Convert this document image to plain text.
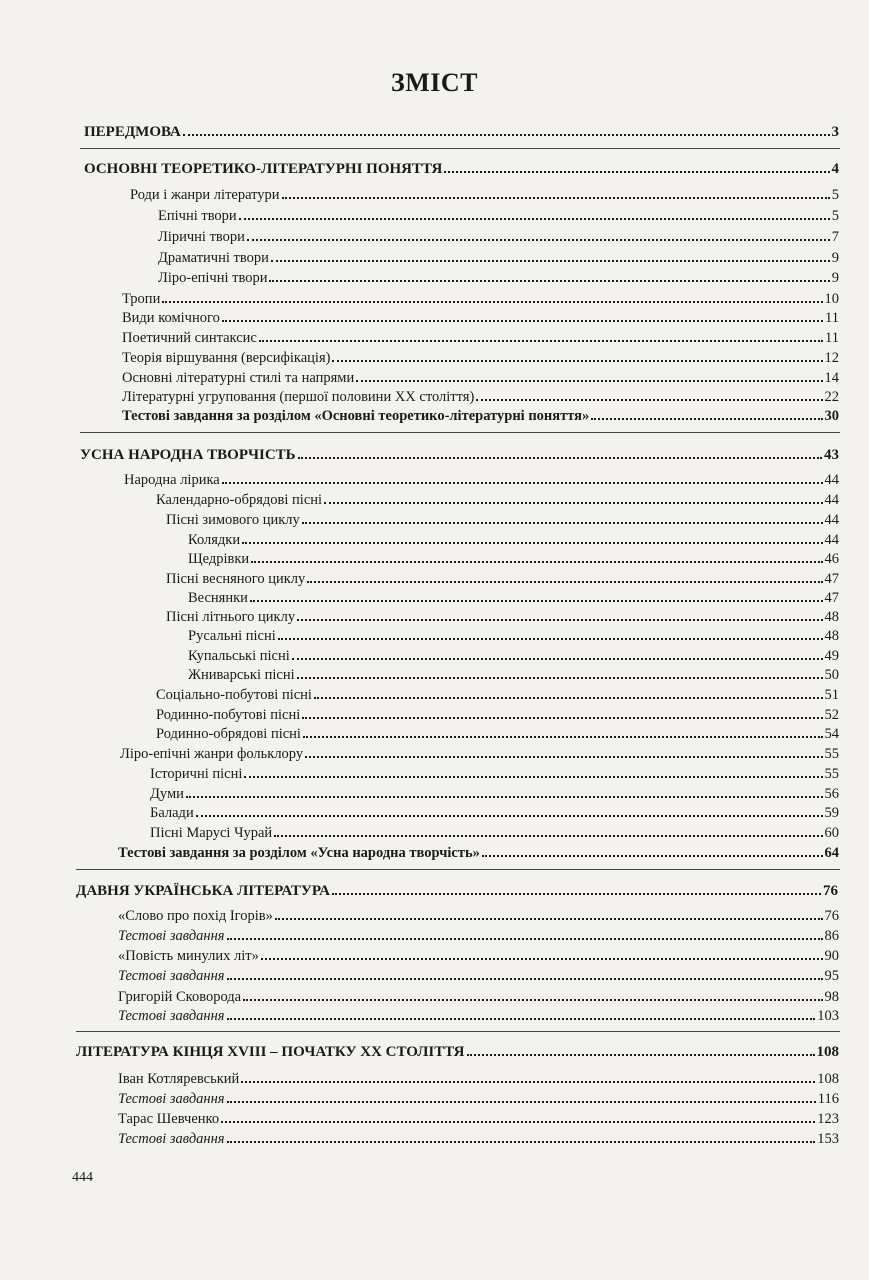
ЗМІСТ
ПЕРЕДМОВА	3
ОСНОВНІ ТЕОРЕТИКО-ЛІТЕРАТУРНІ ПОНЯТТЯ	4
Роди і жанри літератури	5
Епічні твори	5
Ліричні твори	7
Драматичні твори	9
Ліро-епічні твори	9
Тропи	10
Види комічного	11
Поетичний синтаксис	11
Теорія віршування (версифікація)	12
Основні літературні стилі та напрями	14
Літературні угруповання (першої половини XX століття)	22
Тестові завдання за розділом «Основні теоретико-літературні поняття»	30
УСНА НАРОДНА ТВОРЧІСТЬ	43
Народна лірика	44
Календарно-обрядові пісні	44
Пісні зимового циклу	44
Колядки	44
Щедрівки	46
Пісні весняного циклу	47
Веснянки	47
Пісні літнього циклу	48
Русальні пісні	48
Купальські пісні	49
Жниварські пісні	50
Соціально-побутові пісні	51
Родинно-побутові пісні	52
Родинно-обрядові пісні	54
Ліро-епічні жанри фольклору	55
Історичні пісні	55
Думи	56
Балади	59
Пісні Марусі Чурай	60
Тестові завдання за розділом «Усна народна творчість»	64
ДАВНЯ УКРАЇНСЬКА ЛІТЕРАТУРА	76
«Слово про похід Ігорів»	76
Тестові завдання	86
«Повість минулих літ»	90
Тестові завдання	95
Григорій Сковорода	98
Тестові завдання	103
ЛІТЕРАТУРА КІНЦЯ XVIII – ПОЧАТКУ XX СТОЛІТТЯ	108
Іван Котляревський	108
Тестові завдання	116
Тарас Шевченко	123
Тестові завдання	153
444
